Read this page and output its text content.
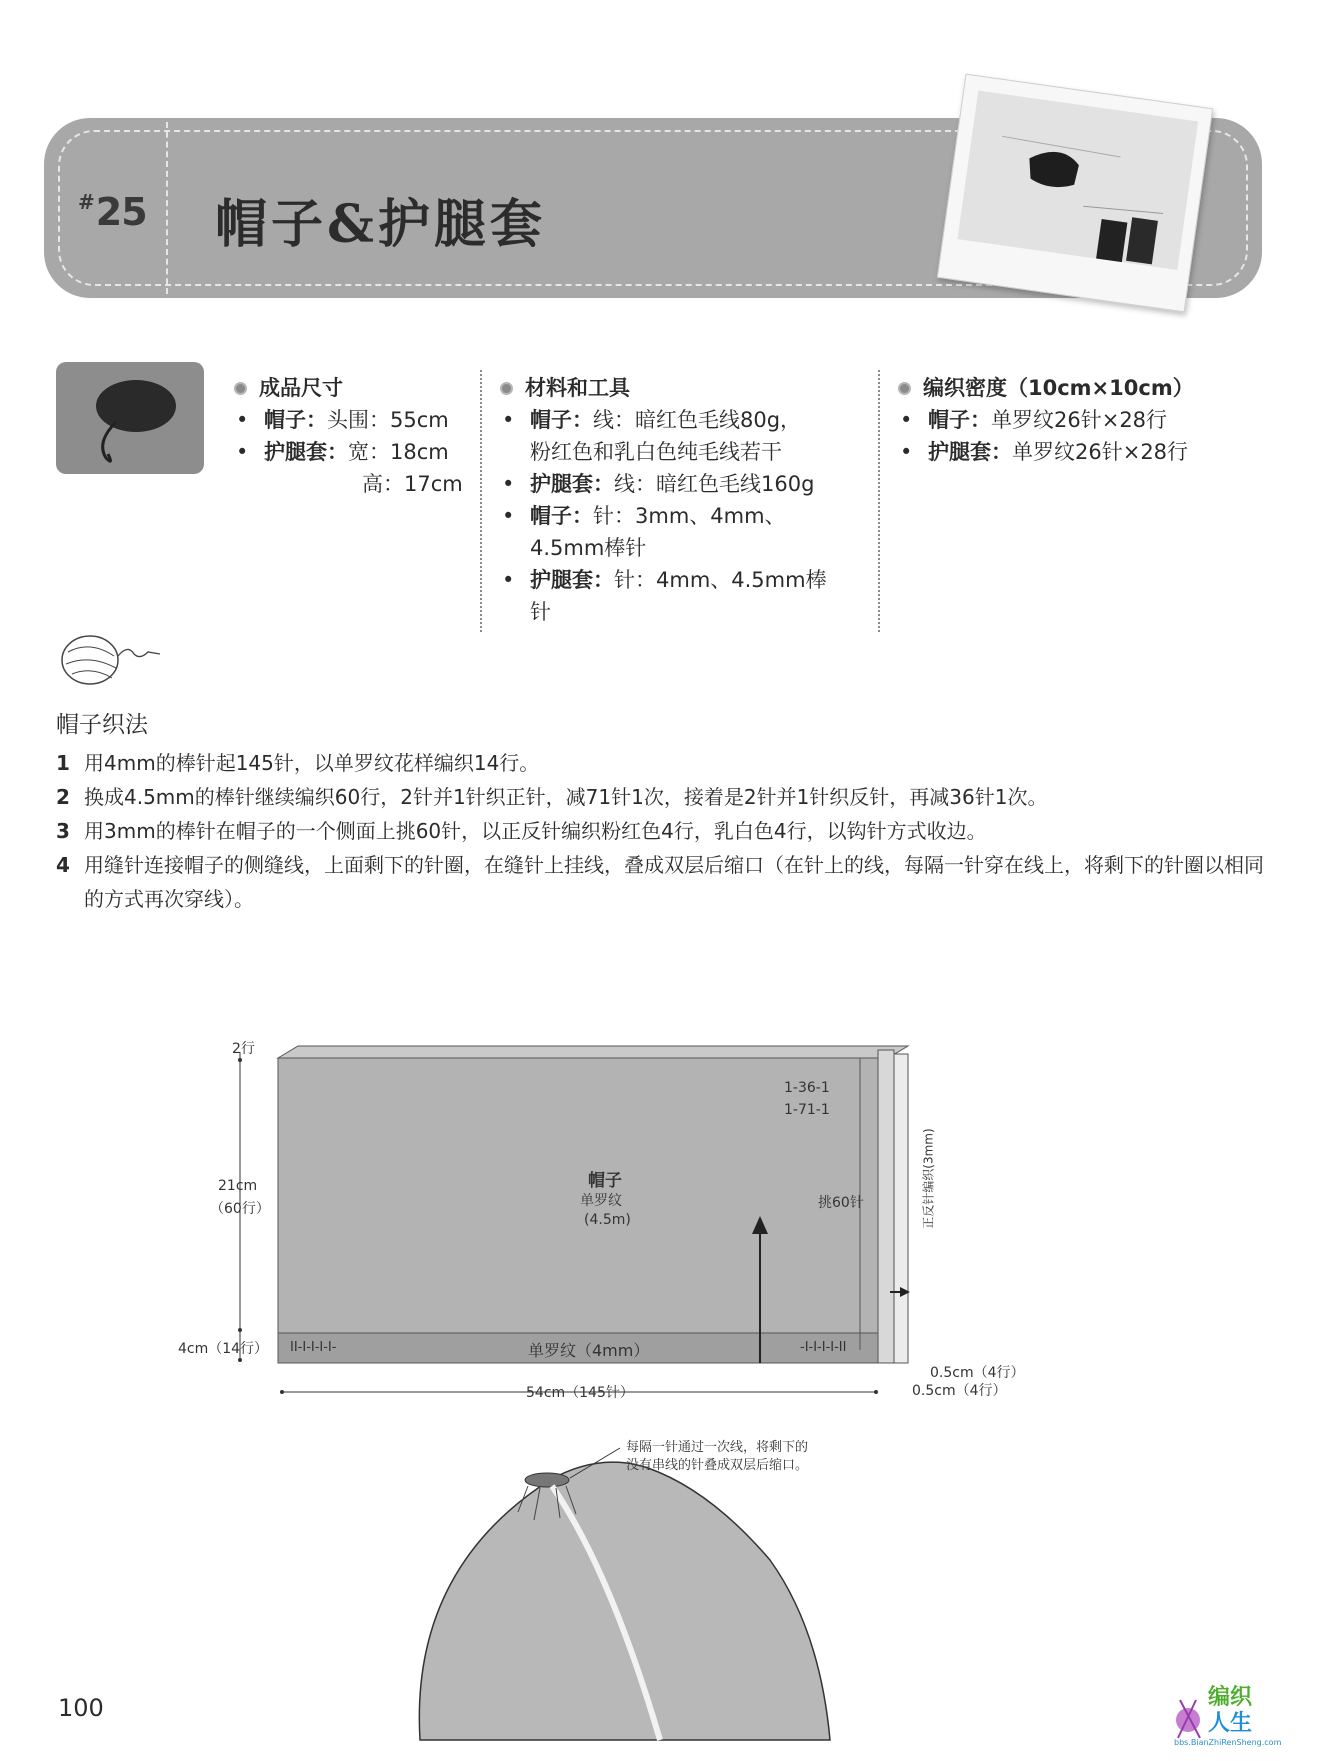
#25 帽子&护腿套
成品尺寸
• 帽子：头围：55cm
• 护腿套：宽：18cm
高：17cm
材料和工具
• 帽子：线：暗红色毛线80g，
粉红色和乳白色纯毛线若干
• 护腿套：线：暗红色毛线160g
• 帽子：针：3mm、4mm、
4.5mm棒针
• 护腿套：针：4mm、4.5mm棒
针
编织密度（10cm×10cm）
• 帽子：单罗纹26针×28行
• 护腿套：单罗纹26针×28行
帽子织法
1 用4mm的棒针起145针，以单罗纹花样编织14行。
2 换成4.5mm的棒针继续编织60行，2针并1针织正针，减71针1次，接着是2针并1针织反针，再减36针1次。
3 用3mm的棒针在帽子的一个侧面上挑60针，以正反针编织粉红色4行，乳白色4行，以钩针方式收边。
4 用缝针连接帽子的侧缝线，上面剩下的针圈，在缝针上挂线，叠成双层后缩口（在针上的线，每隔一针穿在线上，将剩下的针圈以相同的方式再次穿线）。
2行
21cm
（60行）
4cm（14行）
1-36-1
1-71-1
帽子
单罗纹
(4.5m)
挑60针	正反针编织(3mm)
II-I-I-I-I-	单罗纹（4mm）	-I-I-I-I-II
0.5cm（4行）
0.5cm（4行）
54cm（145针）
每隔一针通过一次线，将剩下的
没有串线的针叠成双层后缩口。
100	编织
人生
bbs.BianZhiRenSheng.com
